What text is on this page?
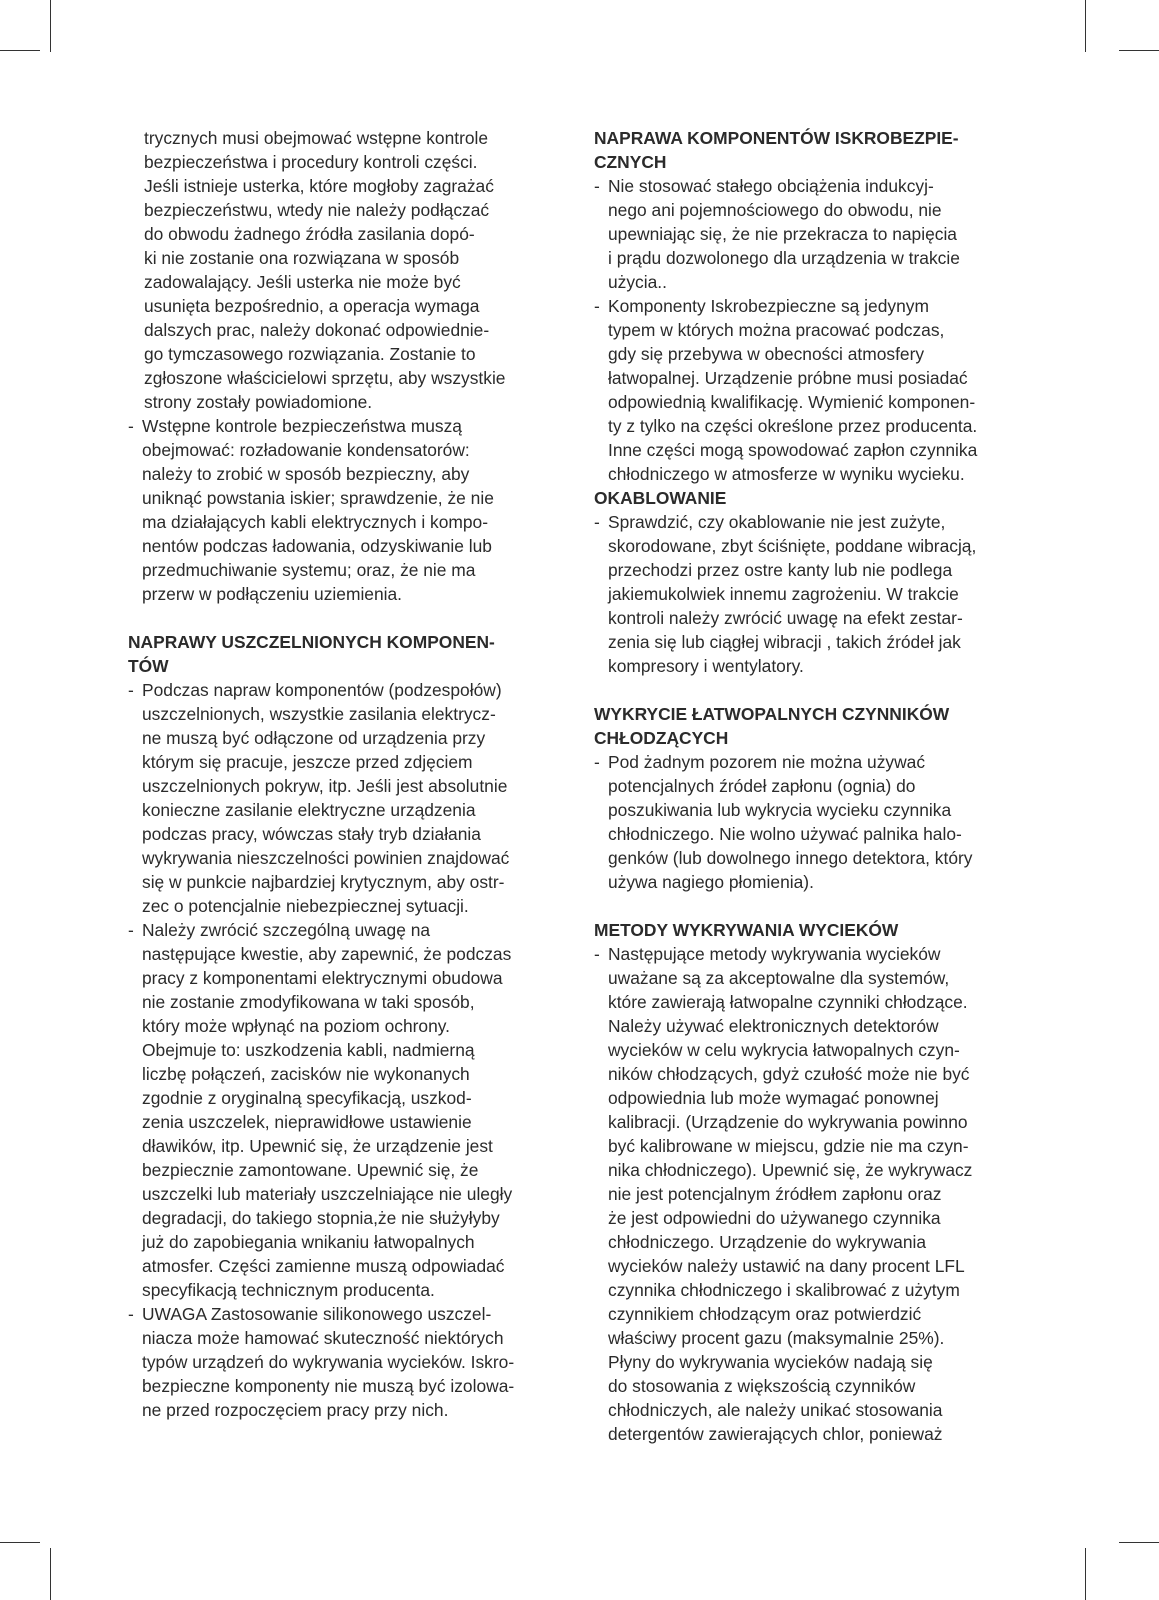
trycznych musi obejmować wstępne kontrole
bezpieczeństwa i procedury kontroli części.
Jeśli istnieje usterka, które mogłoby zagrażać
bezpieczeństwu, wtedy nie należy podłączać
do obwodu żadnego źródła zasilania dopó-
ki nie zostanie ona rozwiązana w sposób
zadowalający. Jeśli usterka nie może być
usunięta bezpośrednio, a operacja wymaga
dalszych prac, należy dokonać odpowiednie-
go tymczasowego rozwiązania. Zostanie to
zgłoszone właścicielowi sprzętu, aby wszystkie
strony zostały powiadomione.
- Wstępne kontrole bezpieczeństwa muszą
obejmować: rozładowanie kondensatorów:
należy to zrobić w sposób bezpieczny, aby
uniknąć powstania iskier; sprawdzenie, że nie
ma działających kabli elektrycznych i kompo-
nentów podczas ładowania, odzyskiwanie lub
przedmuchiwanie systemu; oraz, że nie ma
przerw w podłączeniu uziemienia.
NAPRAWY USZCZELNIONYCH KOMPONEN-
TÓW
- Podczas napraw komponentów (podzespołów)
uszczelnionych, wszystkie zasilania elektrycz-
ne muszą być odłączone od urządzenia przy
którym się pracuje, jeszcze przed zdjęciem
uszczelnionych pokryw, itp. Jeśli jest absolutnie
konieczne zasilanie elektryczne urządzenia
podczas pracy, wówczas stały tryb działania
wykrywania nieszczelności powinien znajdować
się w punkcie najbardziej krytycznym, aby ostr-
zec o potencjalnie niebezpiecznej sytuacji.
- Należy zwrócić szczególną uwagę na
następujące kwestie, aby zapewnić, że podczas
pracy z komponentami elektrycznymi obudowa
nie zostanie zmodyfikowana w taki sposób,
który może wpłynąć na poziom ochrony.
Obejmuje to: uszkodzenia kabli, nadmierną
liczbę połączeń, zacisków nie wykonanych
zgodnie z oryginalną specyfikacją, uszkod-
zenia uszczelek, nieprawidłowe ustawienie
dławików, itp. Upewnić się, że urządzenie jest
bezpiecznie zamontowane. Upewnić się, że
uszczelki lub materiały uszczelniające nie uległy
degradacji, do takiego stopnia,że nie służyłyby
już do zapobiegania wnikaniu łatwopalnych
atmosfer. Części zamienne muszą odpowiadać
specyfikacją technicznym producenta.
- UWAGA Zastosowanie silikonowego uszczel-
niacza może hamować skuteczność niektórych
typów urządzeń do wykrywania wycieków. Iskro-
bezpieczne komponenty nie muszą być izolowa-
ne przed rozpoczęciem pracy przy nich.
NAPRAWA KOMPONENTÓW ISKROBEZPIE-
CZNYCH
- Nie stosować stałego obciążenia indukcyj-
nego ani pojemnościowego do obwodu, nie
upewniając się, że nie przekracza to napięcia
i prądu dozwolonego dla urządzenia w trakcie
użycia..
- Komponenty Iskrobezpieczne są jedynym
typem w których można pracować podczas,
gdy się przebywa w obecności atmosfery
łatwopalnej. Urządzenie próbne musi posiadać
odpowiednią kwalifikację. Wymienić komponen-
ty z tylko na części określone przez producenta.
Inne części mogą spowodować zapłon czynnika
chłodniczego w atmosferze w wyniku wycieku.
OKABLOWANIE
- Sprawdzić, czy okablowanie nie jest zużyte,
skorodowane, zbyt ściśnięte, poddane wibracją,
przechodzi przez ostre kanty lub nie podlega
jakiemukolwiek innemu zagrożeniu. W trakcie
kontroli należy zwrócić uwagę na efekt zestar-
zenia się lub ciągłej wibracji , takich źródeł jak
kompresory i wentylatory.
WYKRYCIE ŁATWOPALNYCH CZYNNIKÓW
CHŁODZĄCYCH
- Pod żadnym pozorem nie można używać
potencjalnych źródeł zapłonu (ognia) do
poszukiwania lub wykrycia wycieku czynnika
chłodniczego. Nie wolno używać palnika halo-
genków (lub dowolnego innego detektora, który
używa nagiego płomienia).
METODY WYKRYWANIA WYCIEKÓW
- Następujące metody wykrywania wycieków
uważane są za akceptowalne dla systemów,
które zawierają łatwopalne czynniki chłodzące.
Należy używać elektronicznych detektorów
wycieków w celu wykrycia łatwopalnych czyn-
ników chłodzących, gdyż czułość może nie być
odpowiednia lub może wymagać ponownej
kalibracji. (Urządzenie do wykrywania powinno
być kalibrowane w miejscu, gdzie nie ma czyn-
nika chłodniczego). Upewnić się, że wykrywacz
nie jest potencjalnym źródłem zapłonu oraz
że jest odpowiedni do używanego czynnika
chłodniczego. Urządzenie do wykrywania
wycieków należy ustawić na dany procent LFL
czynnika chłodniczego i skalibrować z użytym
czynnikiem chłodzącym oraz potwierdzić
właściwy procent gazu (maksymalnie 25%).
Płyny do wykrywania wycieków nadają się
do stosowania z większością czynników
chłodniczych, ale należy unikać stosowania
detergentów zawierających chlor, ponieważ
